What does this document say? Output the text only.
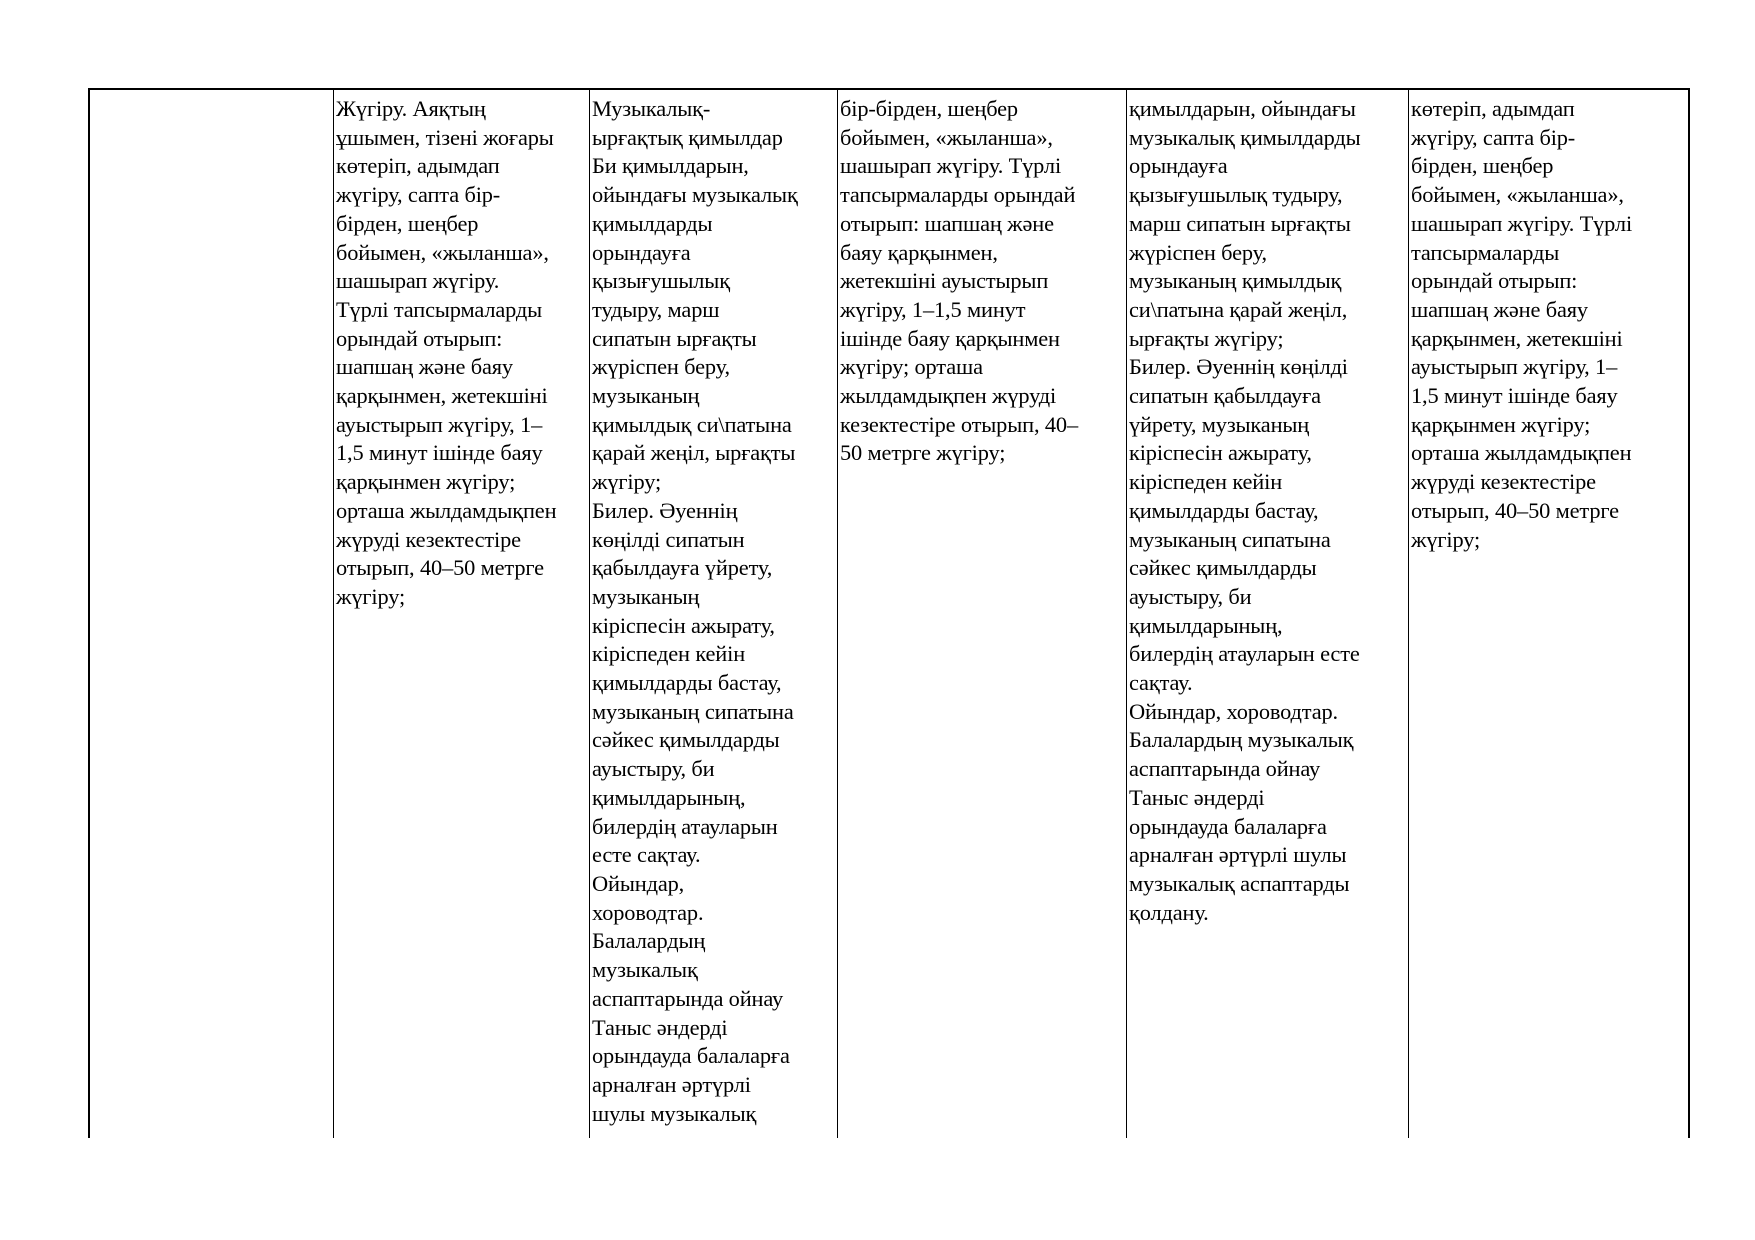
Жүгіру. Аяқтың
ұшымен, тізені жоғары
көтеріп, адымдап
жүгіру, сапта бір-
бірден, шеңбер
бойымен, «жыланша»,
шашырап жүгіру.
Түрлі тапсырмаларды
орындай отырып:
шапшаң және баяу
қарқынмен, жетекшіні
ауыстырып жүгіру, 1–
1,5 минут ішінде баяу
қарқынмен жүгіру;
орташа жылдамдықпен
жүруді кезектестіре
отырып, 40–50 метрге
жүгіру;
Музыкалық-
ырғақтық қимылдар
Би қимылдарын,
ойындағы музыкалық
қимылдарды
орындауға
қызығушылық
тудыру, марш
сипатын ырғақты
жүріспен беру,
музыканың
қимылдық си\патына
қарай жеңіл, ырғақты
жүгіру;
Билер. Әуеннің
көңілді сипатын
қабылдауға үйрету,
музыканың
кіріспесін ажырату,
кіріспеден кейін
қимылдарды бастау,
музыканың сипатына
сәйкес қимылдарды
ауыстыру, би
қимылдарының,
билердің атауларын
есте сақтау.
Ойындар,
хороводтар.
Балалардың
музыкалық
аспаптарында ойнау
Таныс әндерді
орындауда балаларға
арналған әртүрлі
шулы музыкалық
бір-бірден, шеңбер
бойымен, «жыланша»,
шашырап жүгіру. Түрлі
тапсырмаларды орындай
отырып: шапшаң және
баяу қарқынмен,
жетекшіні ауыстырып
жүгіру, 1–1,5 минут
ішінде баяу қарқынмен
жүгіру; орташа
жылдамдықпен жүруді
кезектестіре отырып, 40–
50 метрге жүгіру;
қимылдарын, ойындағы
музыкалық қимылдарды
орындауға
қызығушылық тудыру,
марш сипатын ырғақты
жүріспен беру,
музыканың қимылдық
си\патына қарай жеңіл,
ырғақты жүгіру;
Билер. Әуеннің көңілді
сипатын қабылдауға
үйрету, музыканың
кіріспесін ажырату,
кіріспеден кейін
қимылдарды бастау,
музыканың сипатына
сәйкес қимылдарды
ауыстыру, би
қимылдарының,
билердің атауларын есте
сақтау.
Ойындар, хороводтар.
Балалардың музыкалық
аспаптарында ойнау
Таныс әндерді
орындауда балаларға
арналған әртүрлі шулы
музыкалық аспаптарды
қолдану.
көтеріп, адымдап
жүгіру, сапта бір-
бірден, шеңбер
бойымен, «жыланша»,
шашырап жүгіру. Түрлі
тапсырмаларды
орындай отырып:
шапшаң және баяу
қарқынмен, жетекшіні
ауыстырып жүгіру, 1–
1,5 минут ішінде баяу
қарқынмен жүгіру;
орташа жылдамдықпен
жүруді кезектестіре
отырып, 40–50 метрге
жүгіру;
